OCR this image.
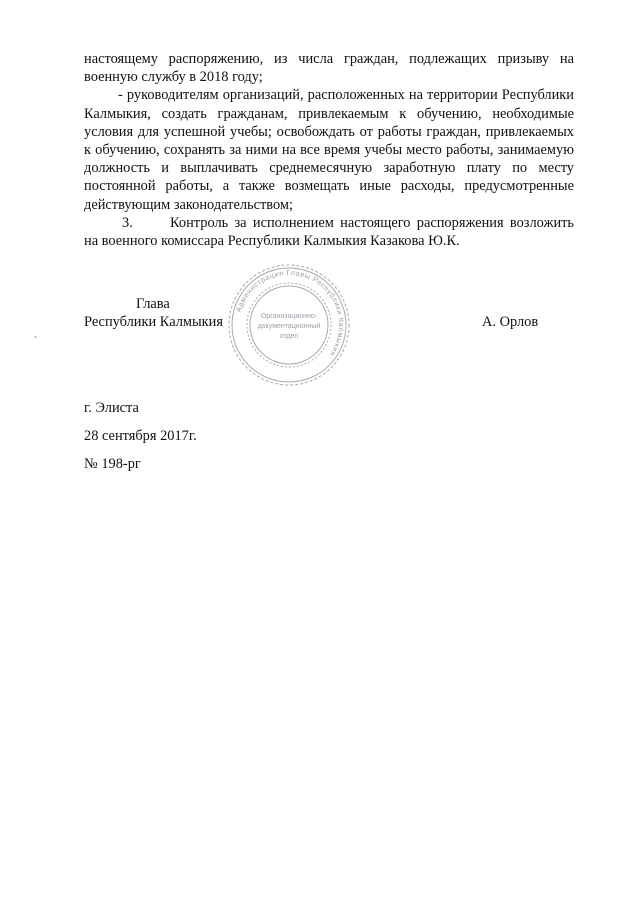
настоящему распоряжению, из числа граждан, подлежащих призыву на военную службу в 2018 году;

- руководителям организаций, расположенных на территории Республики Калмыкия, создать гражданам, привлекаемым к обучению, необходимые условия для успешной учебы; освобождать от работы граждан, привлекаемых к обучению, сохранять за ними на все время учебы место работы, занимаемую должность и выплачивать среднемесячную заработную плату по месту постоянной работы, а также возмещать иные расходы, предусмотренные действующим законодательством;

3.	Контроль за исполнением настоящего распоряжения возложить на военного комиссара Республики Калмыкия Казакова Ю.К.

Глава
Республики Калмыкия	А. Орлов
Администрация Главы Республики Калмыкия
Организационно-
документационный
отдел
`
г. Элиста
28 сентября 2017г.
№ 198-рг
